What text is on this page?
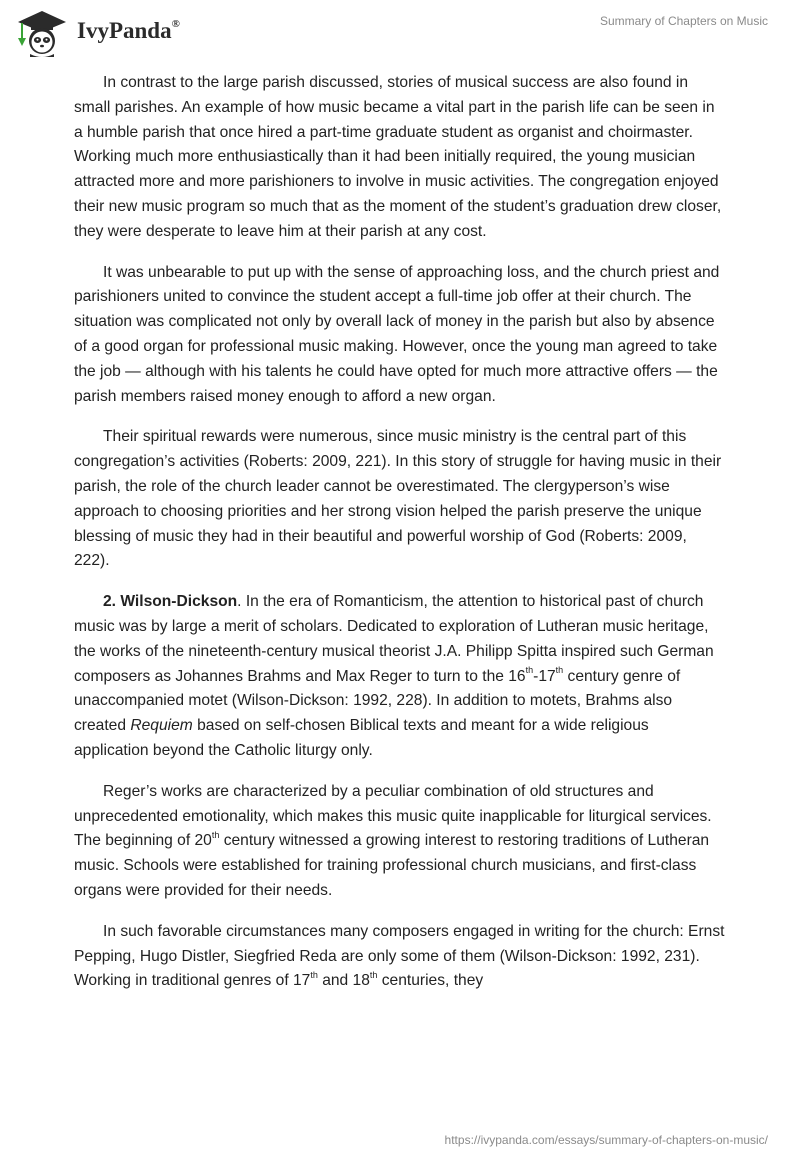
IvyPanda®	Summary of Chapters on Music

In contrast to the large parish discussed, stories of musical success are also found in small parishes. An example of how music became a vital part in the parish life can be seen in a humble parish that once hired a part-time graduate student as organist and choirmaster. Working much more enthusiastically than it had been initially required, the young musician attracted more and more parishioners to involve in music activities. The congregation enjoyed their new music program so much that as the moment of the student’s graduation drew closer, they were desperate to leave him at their parish at any cost.

It was unbearable to put up with the sense of approaching loss, and the church priest and parishioners united to convince the student accept a full-time job offer at their church. The situation was complicated not only by overall lack of money in the parish but also by absence of a good organ for professional music making. However, once the young man agreed to take the job — although with his talents he could have opted for much more attractive offers — the parish members raised money enough to afford a new organ.

Their spiritual rewards were numerous, since music ministry is the central part of this congregation’s activities (Roberts: 2009, 221). In this story of struggle for having music in their parish, the role of the church leader cannot be overestimated. The clergyperson’s wise approach to choosing priorities and her strong vision helped the parish preserve the unique blessing of music they had in their beautiful and powerful worship of God (Roberts: 2009, 222).

2. Wilson-Dickson. In the era of Romanticism, the attention to historical past of church music was by large a merit of scholars. Dedicated to exploration of Lutheran music heritage, the works of the nineteenth-century musical theorist J.A. Philipp Spitta inspired such German composers as Johannes Brahms and Max Reger to turn to the 16th-17th century genre of unaccompanied motet (Wilson-Dickson: 1992, 228). In addition to motets, Brahms also created Requiem based on self-chosen Biblical texts and meant for a wide religious application beyond the Catholic liturgy only.

Reger’s works are characterized by a peculiar combination of old structures and unprecedented emotionality, which makes this music quite inapplicable for liturgical services. The beginning of 20th century witnessed a growing interest to restoring traditions of Lutheran music. Schools were established for training professional church musicians, and first-class organs were provided for their needs.

In such favorable circumstances many composers engaged in writing for the church: Ernst Pepping, Hugo Distler, Siegfried Reda are only some of them (Wilson-Dickson: 1992, 231). Working in traditional genres of 17th and 18th centuries, they

https://ivypanda.com/essays/summary-of-chapters-on-music/
